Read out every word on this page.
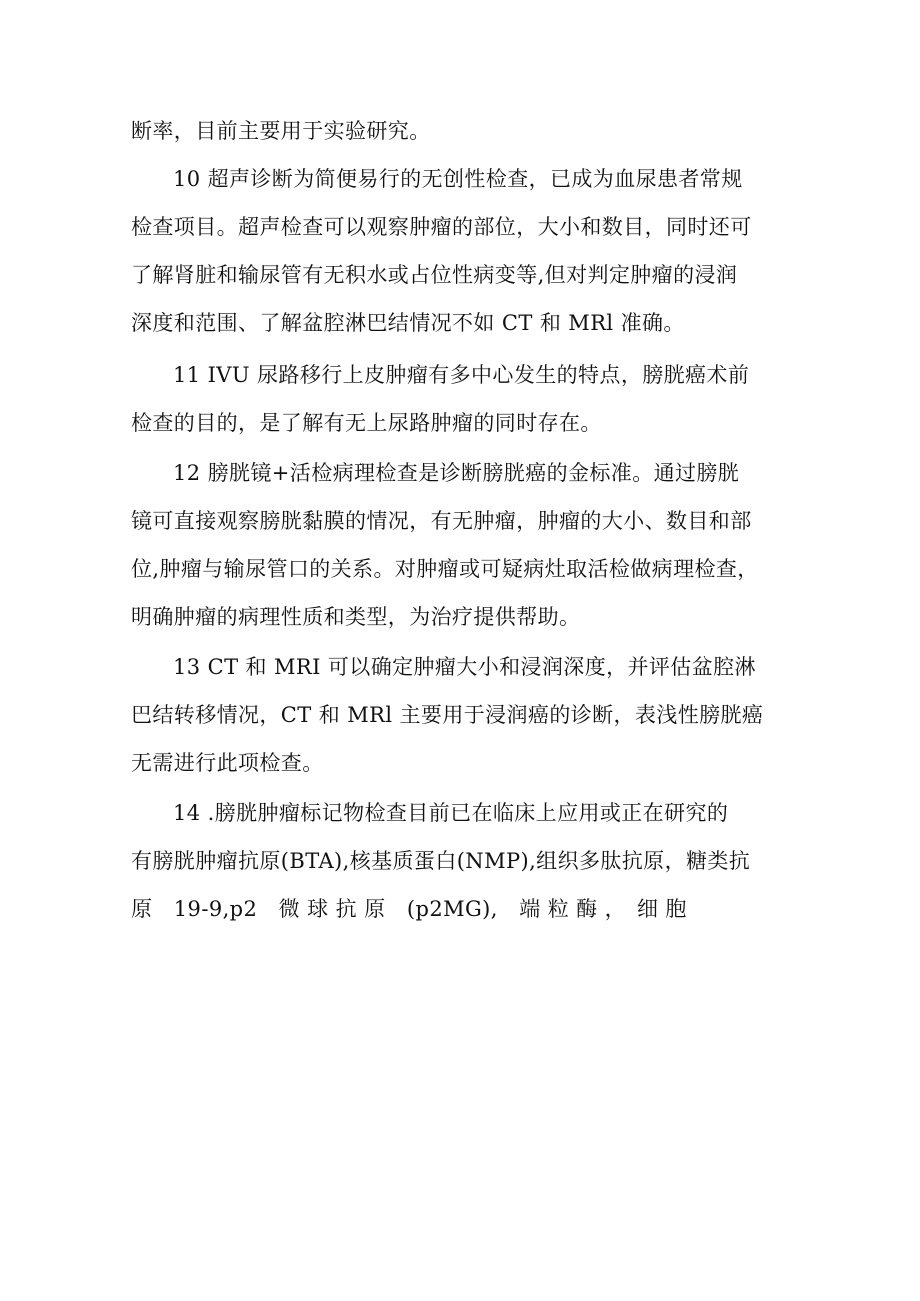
断率，目前主要用于实验研究。

10 超声诊断为简便易行的无创性检查，已成为血尿患者常规
检查项目。超声检查可以观察肿瘤的部位，大小和数目，同时还可
了解肾脏和输尿管有无积水或占位性病变等,但对判定肿瘤的浸润
深度和范围、了解盆腔淋巴结情况不如 CT 和 MRl 准确。

11 IVU 尿路移行上皮肿瘤有多中心发生的特点，膀胱癌术前
检查的目的，是了解有无上尿路肿瘤的同时存在。

12 膀胱镜+活检病理检查是诊断膀胱癌的金标准。通过膀胱
镜可直接观察膀胱黏膜的情况，有无肿瘤，肿瘤的大小、数目和部
位,肿瘤与输尿管口的关系。对肿瘤或可疑病灶取活检做病理检查，
明确肿瘤的病理性质和类型，为治疗提供帮助。

13 CT 和 MRI 可以确定肿瘤大小和浸润深度，并评估盆腔淋
巴结转移情况，CT 和 MRl 主要用于浸润癌的诊断，表浅性膀胱癌
无需进行此项检查。

14 .膀胱肿瘤标记物检查目前已在临床上应用或正在研究的
有膀胱肿瘤抗原(BTA),核基质蛋白(NMP),组织多肽抗原，糖类抗
原　19-9,p2　微 球 抗 原　(p2MG),　端 粒 酶 ，　细 胞
